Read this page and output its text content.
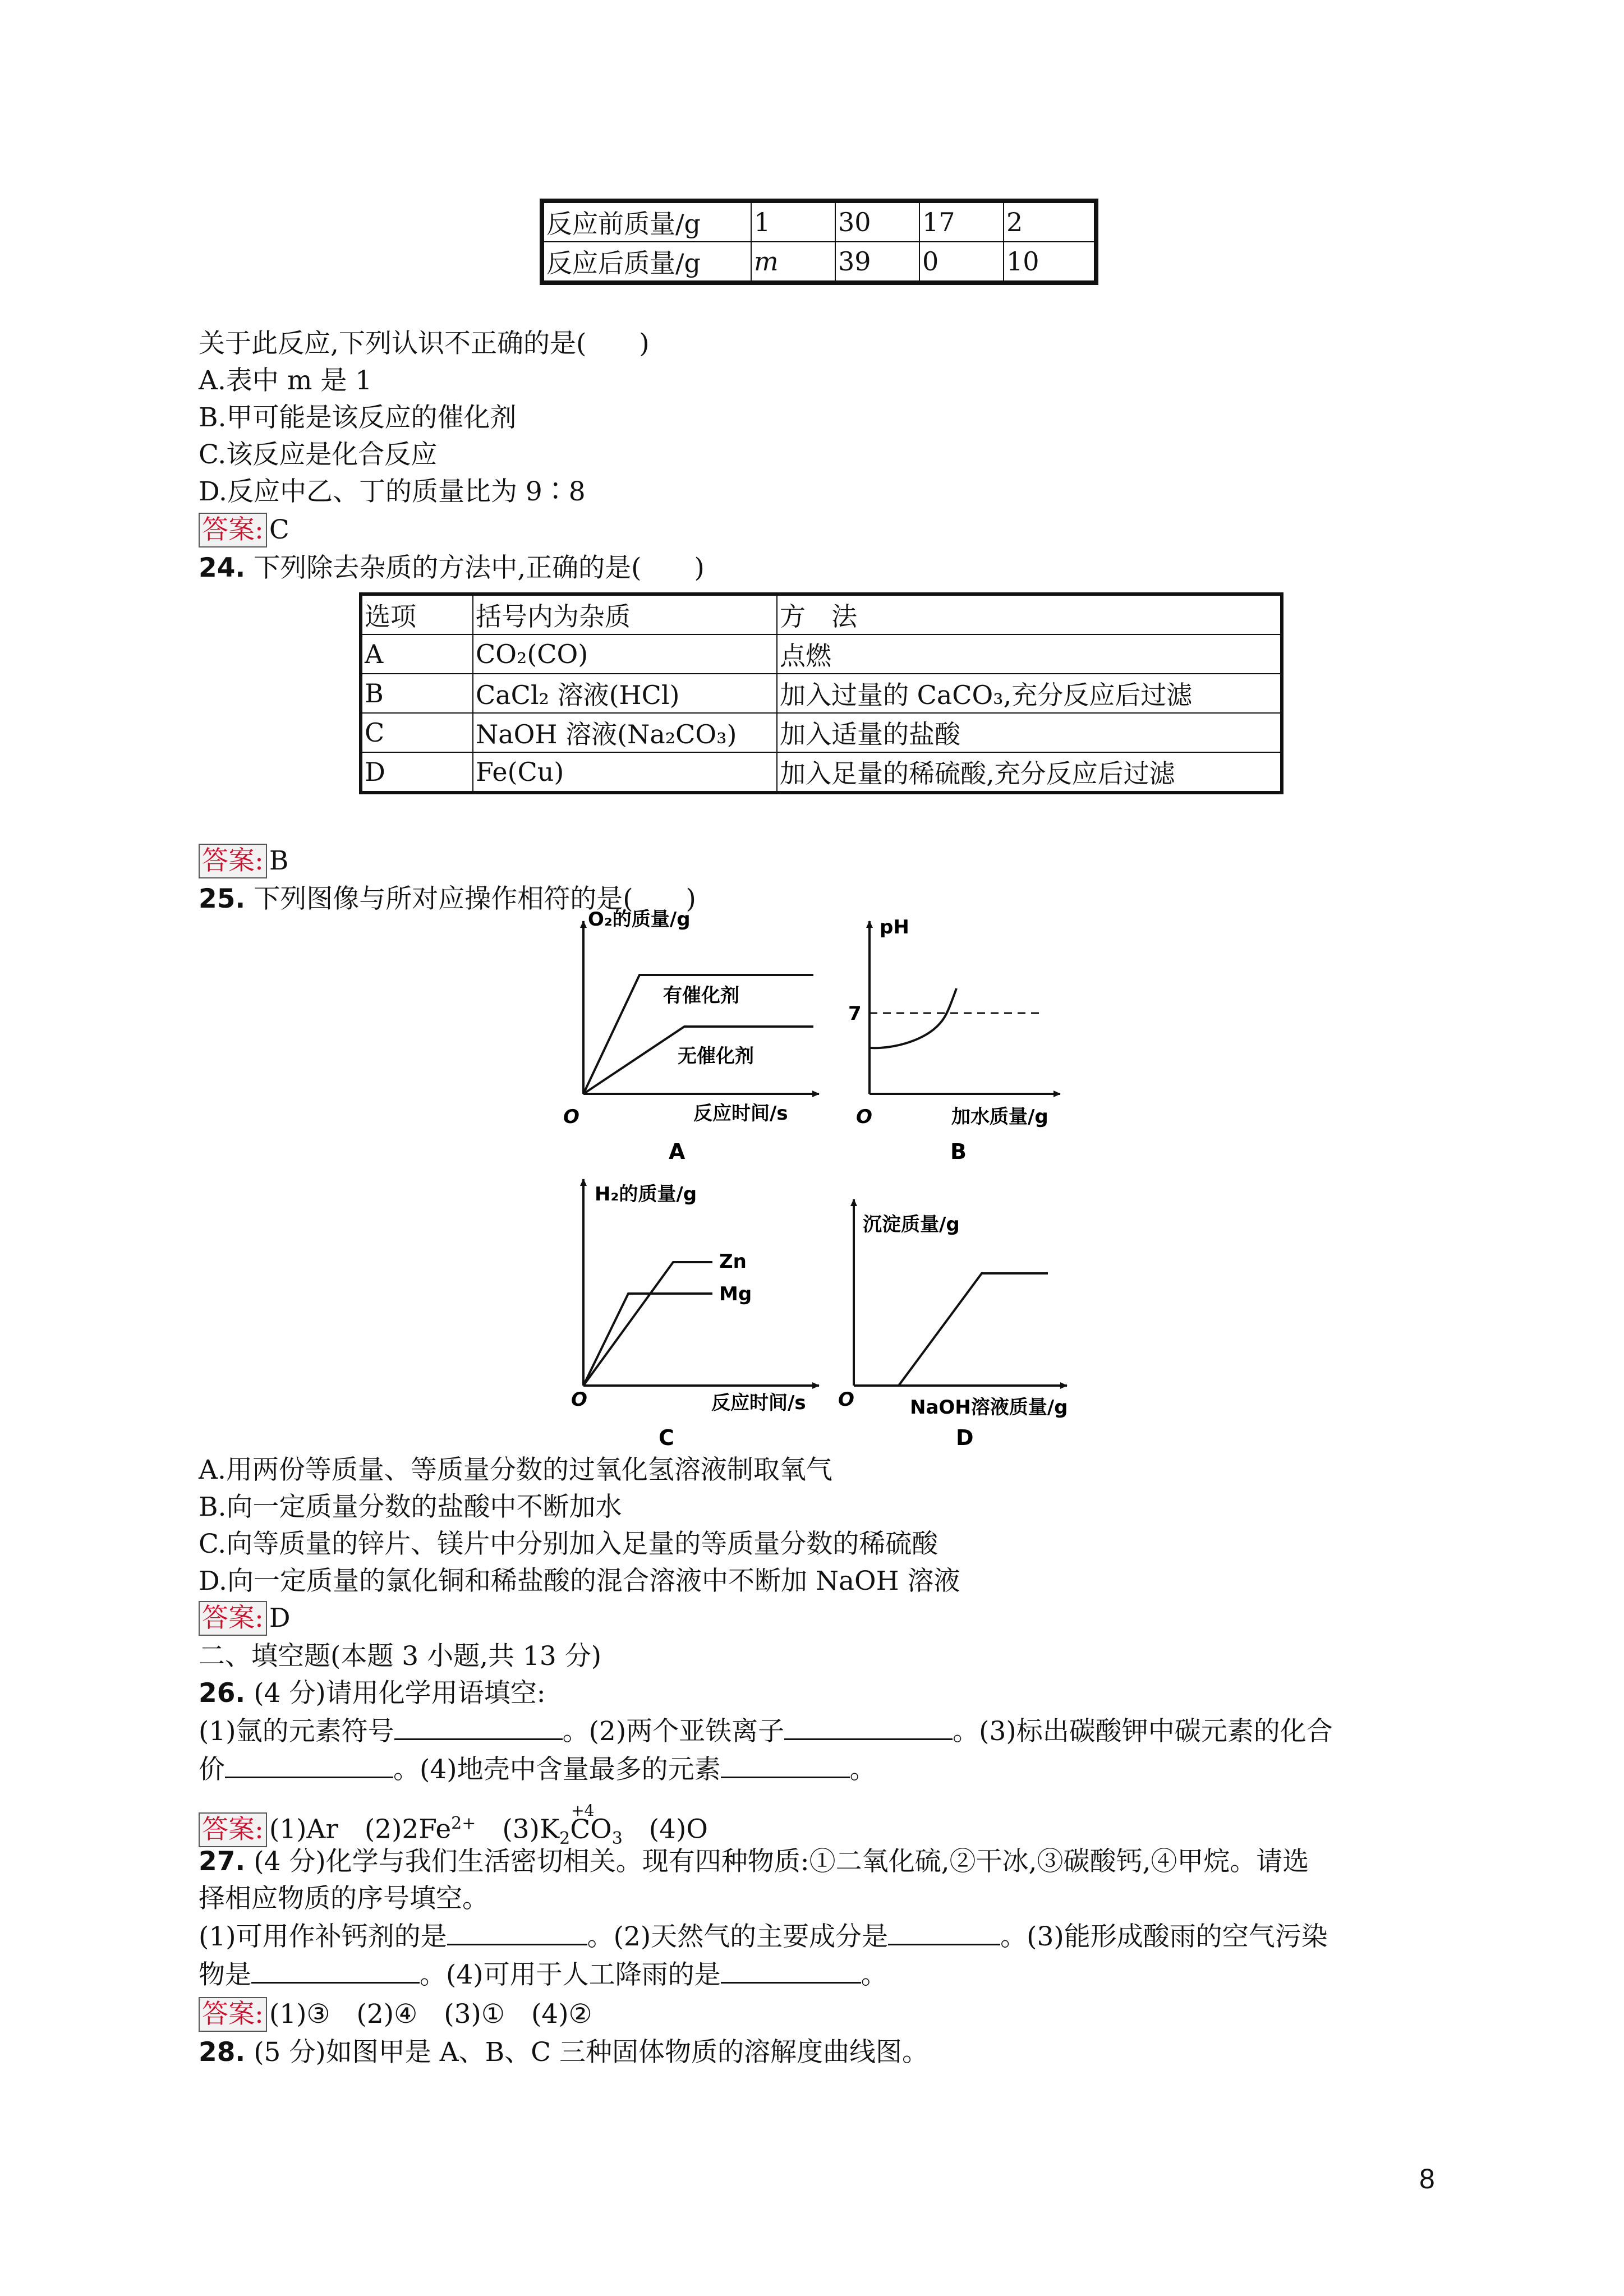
反应前质量/g	1	30	17	2
反应后质量/g	m	39	0	10
关于此反应,下列认识不正确的是(　　)
A.表中 m 是 1
B.甲可能是该反应的催化剂
C.该反应是化合反应
D.反应中乙、丁的质量比为 9∶8
答案: C
24. 下列除去杂质的方法中,正确的是(　　)
选项	括号内为杂质	方　法
A	CO₂(CO)	点燃
B	CaCl₂ 溶液(HCl)	加入过量的 CaCO₃,充分反应后过滤
C	NaOH 溶液(Na₂CO₃)	加入适量的盐酸
D	Fe(Cu)	加入足量的稀硫酸,充分反应后过滤
答案: B
25. 下列图像与所对应操作相符的是(　　)
O₂的质量/g
有催化剂
无催化剂
O	反应时间/s
A
pH
7
O	加水质量/g
B
H₂的质量/g
Zn
Mg
O	反应时间/s
C
沉淀质量/g
O	NaOH溶液质量/g
D
A.用两份等质量、等质量分数的过氧化氢溶液制取氧气
B.向一定质量分数的盐酸中不断加水
C.向等质量的锌片、镁片中分别加入足量的等质量分数的稀硫酸
D.向一定质量的氯化铜和稀盐酸的混合溶液中不断加 NaOH 溶液
答案: D
二、填空题(本题 3 小题,共 13 分)
26. (4 分)请用化学用语填空:
(1)氩的元素符号	。(2)两个亚铁离子	。(3)标出碳酸钾中碳元素的化合
价	。(4)地壳中含量最多的元素	。
答案: (1)Ar　$(2)2Fe^{2+}$　$(3)K_2$
+4
$CO_3$　(4)O
27. (4 分)化学与我们生活密切相关。现有四种物质:①二氧化硫,②干冰,③碳酸钙,④甲烷。请选
择相应物质的序号填空。
(1)可用作补钙剂的是	。(2)天然气的主要成分是	。(3)能形成酸雨的空气污染
物是	。(4)可用于人工降雨的是	。
答案: (1)③　(2)④　(3)①　(4)②
28. (5 分)如图甲是 A、B、C 三种固体物质的溶解度曲线图。
8
